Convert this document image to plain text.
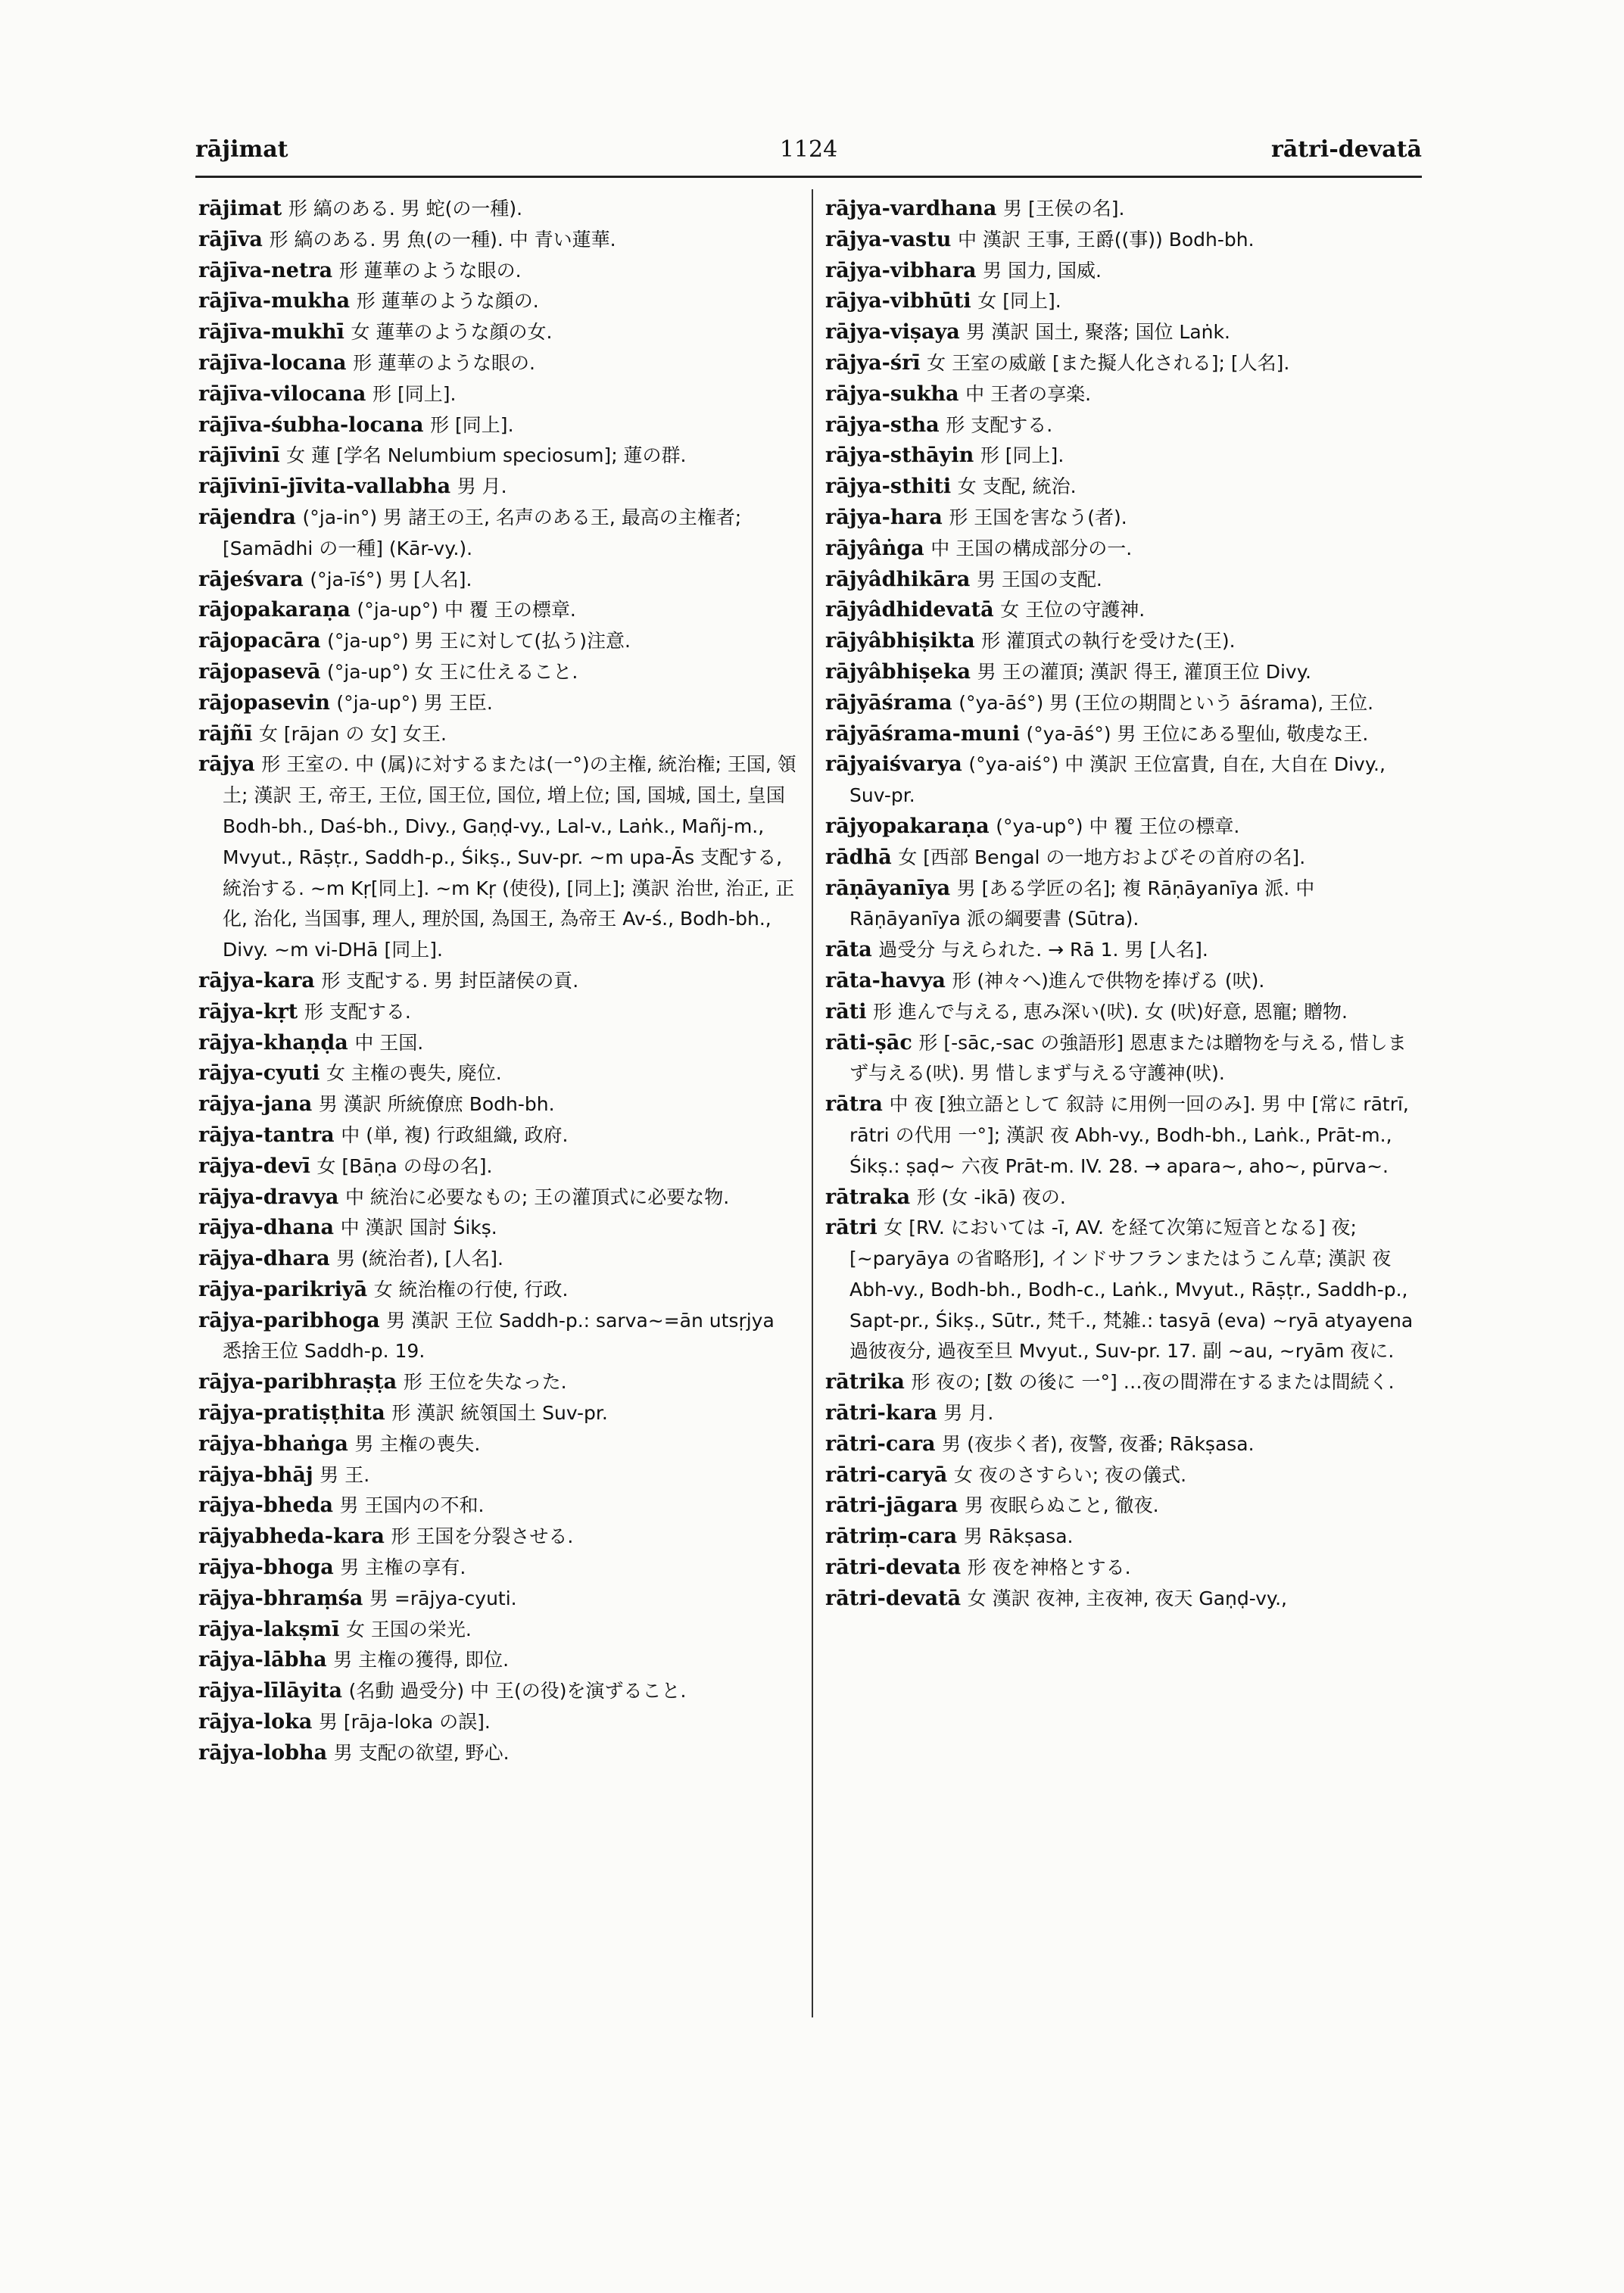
rājimat	1124	rātri-devatā
rājimat 形 縞のある. 男 蛇(の一種).
rājīva 形 縞のある. 男 魚(の一種). 中 青い蓮華.
rājīva-netra 形 蓮華のような眼の.
rājīva-mukha 形 蓮華のような顔の.
rājīva-mukhī 女 蓮華のような顔の女.
rājīva-locana 形 蓮華のような眼の.
rājīva-vilocana 形 [同上].
rājīva-śubha-locana 形 [同上].
rājīvinī 女 蓮 [学名 Nelumbium speciosum]; 蓮の群.
rājīvinī-jīvita-vallabha 男 月.
rājendra (°ja-in°) 男 諸王の王, 名声のある王, 最高の主権者; [Samādhi の一種] (Kār-vy.).
rājeśvara (°ja-īś°) 男 [人名].
rājopakaraṇa (°ja-up°) 中 覆 王の標章.
rājopacāra (°ja-up°) 男 王に対して(払う)注意.
rājopasevā (°ja-up°) 女 王に仕えること.
rājopasevin (°ja-up°) 男 王臣.
rājñī 女 [rājan の 女] 女王.
rājya 形 王室の. 中 (属)に対するまたは(一°)の主権, 統治権; 王国, 領土; 漢訳 王, 帝王, 王位, 国王位, 国位, 増上位; 国, 国城, 国土, 皇国 Bodh-bh., Daś-bh., Divy., Gaṇḍ-vy., Lal-v., Laṅk., Mañj-m., Mvyut., Rāṣṭr., Saddh-p., Śikṣ., Suv-pr. ~m upa-Ās 支配する, 統治する. ~m Kṛ[同上]. ~m Kṛ (使役), [同上]; 漢訳 治世, 治正, 正化, 治化, 当国事, 理人, 理於国, 為国王, 為帝王 Av-ś., Bodh-bh., Divy. ~m vi-DHā [同上].
rājya-kara 形 支配する. 男 封臣諸侯の貢.
rājya-kṛt 形 支配する.
rājya-khaṇḍa 中 王国.
rājya-cyuti 女 主権の喪失, 廃位.
rājya-jana 男 漢訳 所統僚庶 Bodh-bh.
rājya-tantra 中 (単, 複) 行政組織, 政府.
rājya-devī 女 [Bāṇa の母の名].
rājya-dravya 中 統治に必要なもの; 王の灌頂式に必要な物.
rājya-dhana 中 漢訳 国討 Śikṣ.
rājya-dhara 男 (統治者), [人名].
rājya-parikriyā 女 統治権の行使, 行政.
rājya-paribhoga 男 漢訳 王位 Saddh-p.: sarva~=ān utsṛjya 悉捨王位 Saddh-p. 19.
rājya-paribhraṣṭa 形 王位を失なった.
rājya-pratiṣṭhita 形 漢訳 統領国土 Suv-pr.
rājya-bhaṅga 男 主権の喪失.
rājya-bhāj 男 王.
rājya-bheda 男 王国内の不和.
rājyabheda-kara 形 王国を分裂させる.
rājya-bhoga 男 主権の享有.
rājya-bhraṃśa 男 =rājya-cyuti.
rājya-lakṣmī 女 王国の栄光.
rājya-lābha 男 主権の獲得, 即位.
rājya-līlāyita (名動 過受分) 中 王(の役)を演ずること.
rājya-loka 男 [rāja-loka の誤].
rājya-lobha 男 支配の欲望, 野心.
rājya-vardhana 男 [王侯の名].
rājya-vastu 中 漢訳 王事, 王爵((事)) Bodh-bh.
rājya-vibhara 男 国力, 国威.
rājya-vibhūti 女 [同上].
rājya-viṣaya 男 漢訳 国土, 聚落; 国位 Laṅk.
rājya-śrī 女 王室の威厳 [また擬人化される]; [人名].
rājya-sukha 中 王者の享楽.
rājya-stha 形 支配する.
rājya-sthāyin 形 [同上].
rājya-sthiti 女 支配, 統治.
rājya-hara 形 王国を害なう(者).
rājyâṅga 中 王国の構成部分の一.
rājyâdhikāra 男 王国の支配.
rājyâdhidevatā 女 王位の守護神.
rājyâbhiṣikta 形 灌頂式の執行を受けた(王).
rājyâbhiṣeka 男 王の灌頂; 漢訳 得王, 灌頂王位 Divy.
rājyāśrama (°ya-āś°) 男 (王位の期間という āśrama), 王位.
rājyāśrama-muni (°ya-āś°) 男 王位にある聖仙, 敬虔な王.
rājyaiśvarya (°ya-aiś°) 中 漢訳 王位富貴, 自在, 大自在 Divy., Suv-pr.
rājyopakaraṇa (°ya-up°) 中 覆 王位の標章.
rādhā 女 [西部 Bengal の一地方およびその首府の名].
rāṇāyanīya 男 [ある学匠の名]; 複 Rāṇāyanīya 派. 中 Rāṇāyanīya 派の綱要書 (Sūtra).
rāta 過受分 与えられた. → Rā 1. 男 [人名].
rāta-havya 形 (神々へ)進んで供物を捧げる (吠).
rāti 形 進んで与える, 恵み深い(吠). 女 (吠)好意, 恩寵; 贈物.
rāti-ṣāc 形 [-sāc,-sac の強語形] 恩恵または贈物を与える, 惜しまず与える(吠). 男 惜しまず与える守護神(吠).
rātra 中 夜 [独立語として 叙詩 に用例一回のみ]. 男 中 [常に rātrī, rātri の代用 一°]; 漢訳 夜 Abh-vy., Bodh-bh., Laṅk., Prāt-m., Śikṣ.: ṣaḍ~ 六夜 Prāt-m. IV. 28. → apara~, aho~, pūrva~.
rātraka 形 (女 -ikā) 夜の.
rātri 女 [RV. においては -ī, AV. を経て次第に短音となる] 夜; [~paryāya の省略形], インドサフランまたはうこん草; 漢訳 夜 Abh-vy., Bodh-bh., Bodh-c., Laṅk., Mvyut., Rāṣṭr., Saddh-p., Sapt-pr., Śikṣ., Sūtr., 梵千., 梵雑.: tasyā (eva) ~ryā atyayena 過彼夜分, 過夜至旦 Mvyut., Suv-pr. 17. 副 ~au, ~ryām 夜に.
rātrika 形 夜の; [数 の後に 一°] …夜の間滞在するまたは間続く.
rātri-kara 男 月.
rātri-cara 男 (夜歩く者), 夜警, 夜番; Rākṣasa.
rātri-caryā 女 夜のさすらい; 夜の儀式.
rātri-jāgara 男 夜眠らぬこと, 徹夜.
rātriṃ-cara 男 Rākṣasa.
rātri-devata 形 夜を神格とする.
rātri-devatā 女 漢訳 夜神, 主夜神, 夜天 Gaṇḍ-vy.,
